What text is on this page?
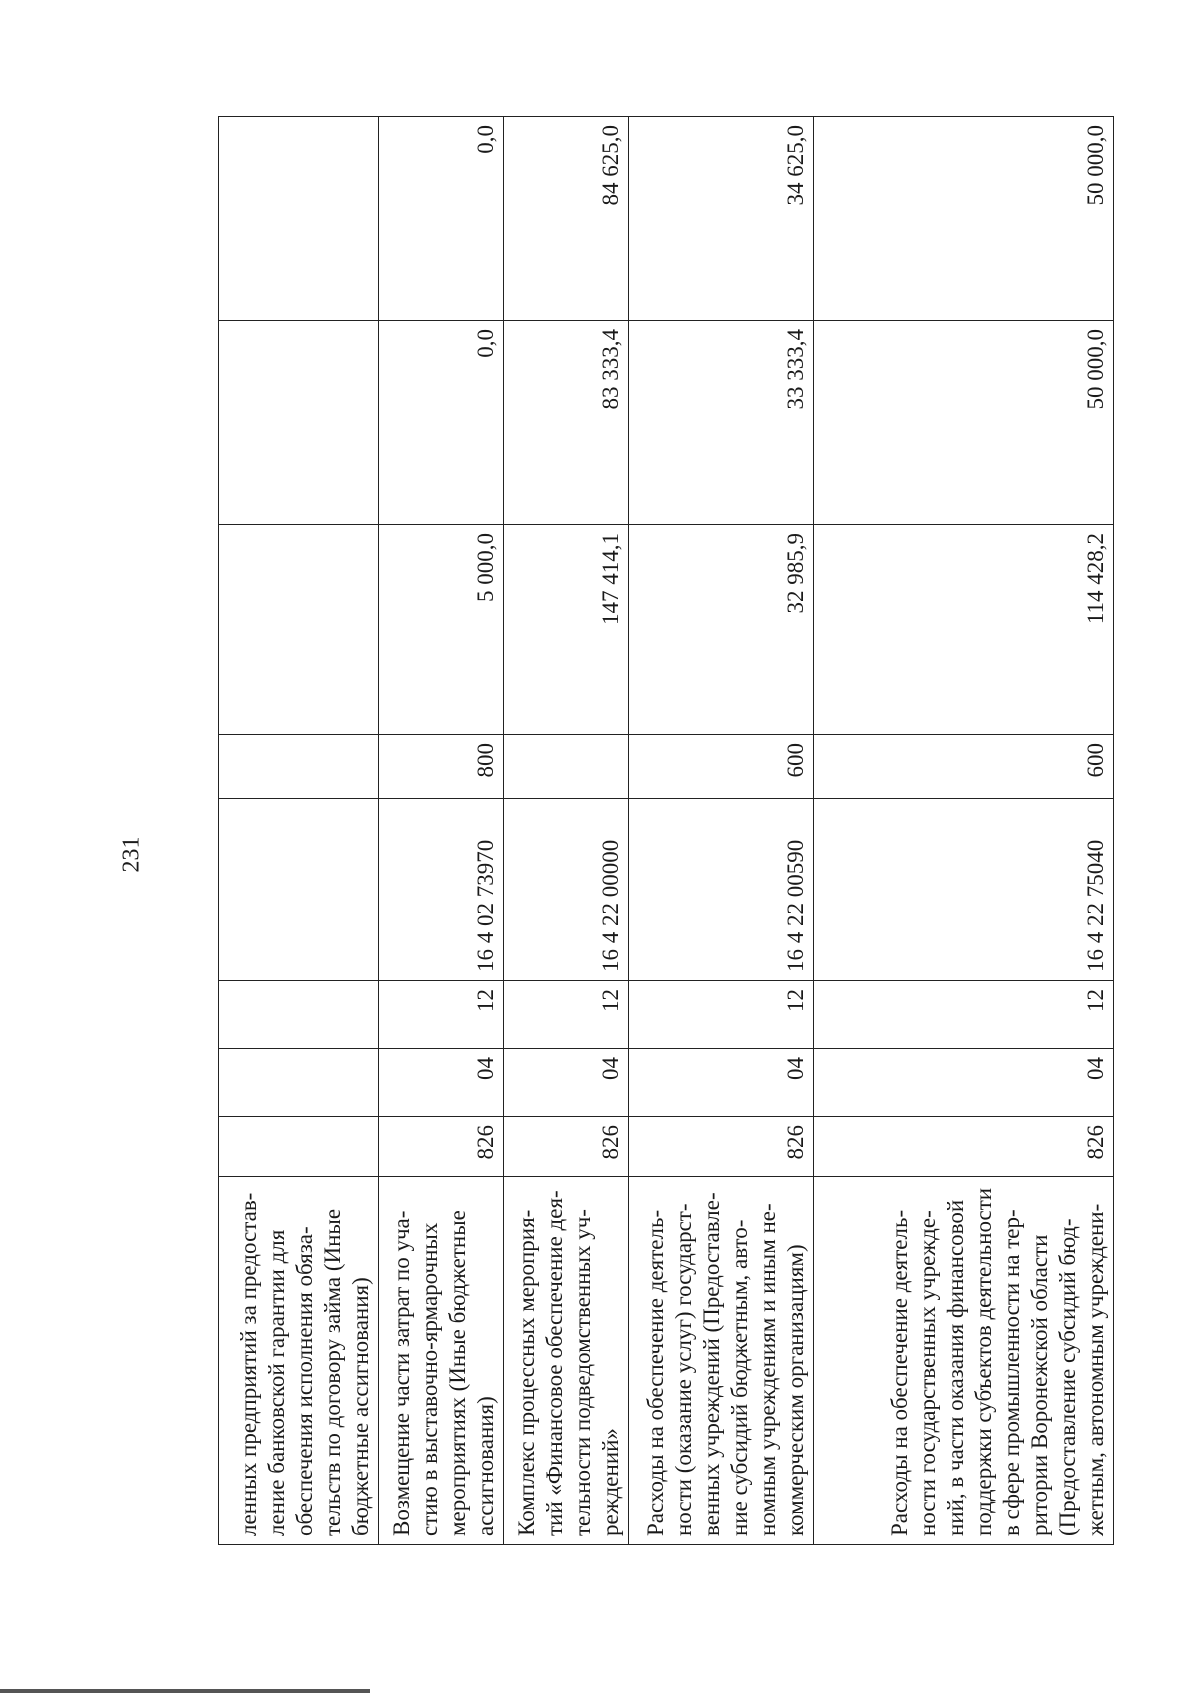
231
ленных предприятий за предостав-ление банковской гарантии для обеспечения исполнения обяза-тельств по договору займа (Иные бюджетные ассигнования)								
Возмещение части затрат по уча-стию в выставочно-ярмарочных мероприятиях (Иные бюджетные ассигнования)	826	04	12	16 4 02 73970	800	5 000,0	0,0	0,0
Комплекс процессных мероприя-тий «Финансовое обеспечение дея-тельности подведомственных уч-реждений»	826	04	12	16 4 22 00000		147 414,1	83 333,4	84 625,0
Расходы на обеспечение деятель-ности (оказание услуг) государст-венных учреждений (Предоставле-ние субсидий бюджетным, авто-номным учреждениям и иным не-коммерческим организациям)	826	04	12	16 4 22 00590	600	32 985,9	33 333,4	34 625,0
Расходы на обеспечение деятель-ности государственных учрежде-ний, в части оказания финансовой поддержки субъектов деятельности в сфере промышленности на тер-ритории Воронежской области (Предоставление субсидий бюд-жетным, автономным учреждени-	826	04	12	16 4 22 75040	600	114 428,2	50 000,0	50 000,0
